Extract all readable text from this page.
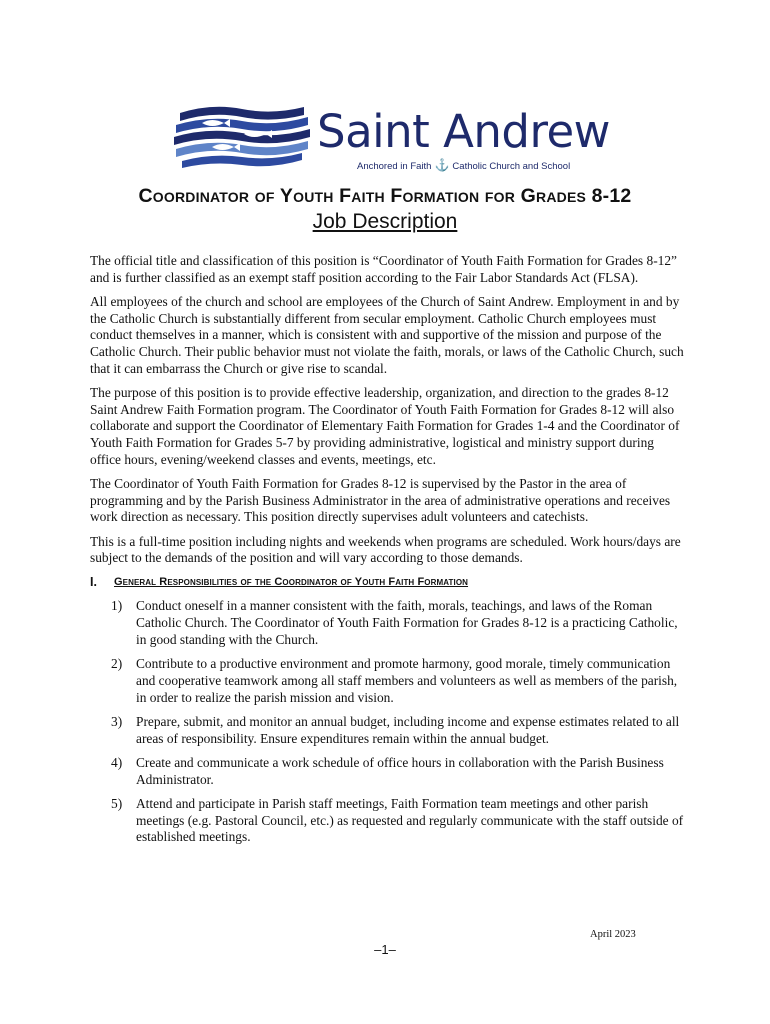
Saint Andrew
Anchored in Faith ⚓ Catholic Church and School
Coordinator of Youth Faith Formation for Grades 8-12
Job Description

The official title and classification of this position is “Coordinator of Youth Faith Formation for Grades 8-12” and is further classified as an exempt staff position according to the Fair Labor Standards Act (FLSA).

All employees of the church and school are employees of the Church of Saint Andrew. Employment in and by the Catholic Church is substantially different from secular employment. Catholic Church employees must conduct themselves in a manner, which is consistent with and supportive of the mission and purpose of the Catholic Church. Their public behavior must not violate the faith, morals, or laws of the Catholic Church, such that it can embarrass the Church or give rise to scandal.

The purpose of this position is to provide effective leadership, organization, and direction to the grades 8-12 Saint Andrew Faith Formation program. The Coordinator of Youth Faith Formation for Grades 8-12 will also collaborate and support the Coordinator of Elementary Faith Formation for Grades 1-4 and the Coordinator of Youth Faith Formation for Grades 5-7 by providing administrative, logistical and ministry support during office hours, evening/weekend classes and events, meetings, etc.

The Coordinator of Youth Faith Formation for Grades 8-12 is supervised by the Pastor in the area of programming and by the Parish Business Administrator in the area of administrative operations and receives work direction as necessary. This position directly supervises adult volunteers and catechists.

This is a full-time position including nights and weekends when programs are scheduled. Work hours/days are subject to the demands of the position and will vary according to those demands.

I. General Responsibilities of the Coordinator of Youth Faith Formation
1) Conduct oneself in a manner consistent with the faith, morals, teachings, and laws of the Roman Catholic Church. The Coordinator of Youth Faith Formation for Grades 8-12 is a practicing Catholic, in good standing with the Church.
2) Contribute to a productive environment and promote harmony, good morale, timely communication and cooperative teamwork among all staff members and volunteers as well as members of the parish, in order to realize the parish mission and vision.
3) Prepare, submit, and monitor an annual budget, including income and expense estimates related to all areas of responsibility. Ensure expenditures remain within the annual budget.
4) Create and communicate a work schedule of office hours in collaboration with the Parish Business Administrator.
5) Attend and participate in Parish staff meetings, Faith Formation team meetings and other parish meetings (e.g. Pastoral Council, etc.) as requested and regularly communicate with the staff outside of established meetings.
April 2023
–1–
